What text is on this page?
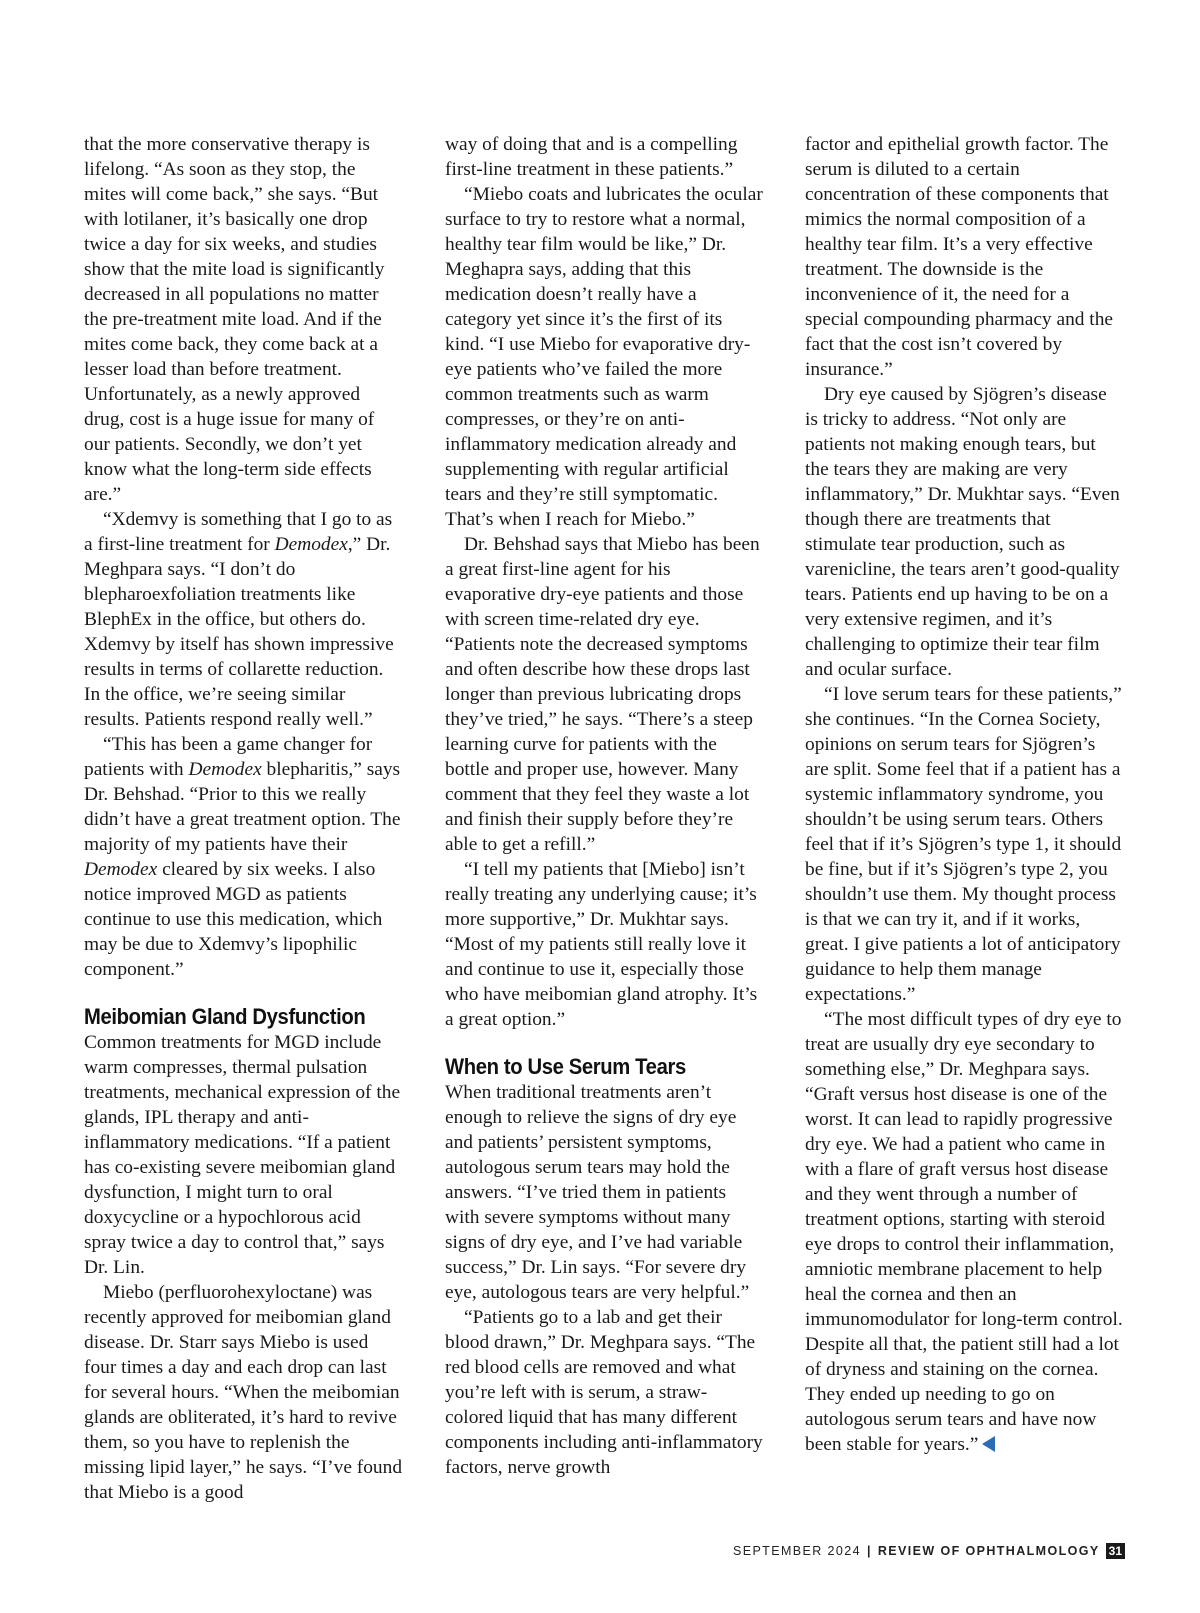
that the more conservative therapy is lifelong. “As soon as they stop, the mites will come back,” she says. “But with lotilaner, it’s basically one drop twice a day for six weeks, and studies show that the mite load is significantly decreased in all populations no matter the pre-treatment mite load. And if the mites come back, they come back at a lesser load than before treatment. Unfortunately, as a newly approved drug, cost is a huge issue for many of our patients. Secondly, we don’t yet know what the long-term side effects are.”

“Xdemvy is something that I go to as a first-line treatment for Demodex,” Dr. Meghpara says. “I don’t do blepharoexfoliation treatments like BlephEx in the office, but others do. Xdemvy by itself has shown impressive results in terms of collarette reduction. In the office, we’re seeing similar results. Patients respond really well.”

“This has been a game changer for patients with Demodex blepharitis,” says Dr. Behshad. “Prior to this we really didn’t have a great treatment option. The majority of my patients have their Demodex cleared by six weeks. I also notice improved MGD as patients continue to use this medication, which may be due to Xdemvy’s lipophilic component.”

Meibomian Gland Dysfunction

Common treatments for MGD include warm compresses, thermal pulsation treatments, mechanical expression of the glands, IPL therapy and anti-inflammatory medications. “If a patient has co-existing severe meibomian gland dysfunction, I might turn to oral doxycycline or a hypochlorous acid spray twice a day to control that,” says Dr. Lin.

Miebo (perfluorohexyloctane) was recently approved for meibomian gland disease. Dr. Starr says Miebo is used four times a day and each drop can last for several hours. “When the meibomian glands are obliterated, it’s hard to revive them, so you have to replenish the missing lipid layer,” he says. “I’ve found that Miebo is a good

way of doing that and is a compelling first-line treatment in these patients.”

“Miebo coats and lubricates the ocular surface to try to restore what a normal, healthy tear film would be like,” Dr. Meghapra says, adding that this medication doesn’t really have a category yet since it’s the first of its kind. “I use Miebo for evaporative dry-eye patients who’ve failed the more common treatments such as warm compresses, or they’re on anti-inflammatory medication already and supplementing with regular artificial tears and they’re still symptomatic. That’s when I reach for Miebo.”

Dr. Behshad says that Miebo has been a great first-line agent for his evaporative dry-eye patients and those with screen time-related dry eye. “Patients note the decreased symptoms and often describe how these drops last longer than previous lubricating drops they’ve tried,” he says. “There’s a steep learning curve for patients with the bottle and proper use, however. Many comment that they feel they waste a lot and finish their supply before they’re able to get a refill.”

“I tell my patients that [Miebo] isn’t really treating any underlying cause; it’s more supportive,” Dr. Mukhtar says. “Most of my patients still really love it and continue to use it, especially those who have meibomian gland atrophy. It’s a great option.”

When to Use Serum Tears

When traditional treatments aren’t enough to relieve the signs of dry eye and patients’ persistent symptoms, autologous serum tears may hold the answers. “I’ve tried them in patients with severe symptoms without many signs of dry eye, and I’ve had variable success,” Dr. Lin says. “For severe dry eye, autologous tears are very helpful.”

“Patients go to a lab and get their blood drawn,” Dr. Meghpara says. “The red blood cells are removed and what you’re left with is serum, a straw-colored liquid that has many different components including anti-inflammatory factors, nerve growth

factor and epithelial growth factor. The serum is diluted to a certain concentration of these components that mimics the normal composition of a healthy tear film. It’s a very effective treatment. The downside is the inconvenience of it, the need for a special compounding pharmacy and the fact that the cost isn’t covered by insurance.”

Dry eye caused by Sjögren’s disease is tricky to address. “Not only are patients not making enough tears, but the tears they are making are very inflammatory,” Dr. Mukhtar says. “Even though there are treatments that stimulate tear production, such as varenicline, the tears aren’t good-quality tears. Patients end up having to be on a very extensive regimen, and it’s challenging to optimize their tear film and ocular surface.

“I love serum tears for these patients,” she continues. “In the Cornea Society, opinions on serum tears for Sjögren’s are split. Some feel that if a patient has a systemic inflammatory syndrome, you shouldn’t be using serum tears. Others feel that if it’s Sjögren’s type 1, it should be fine, but if it’s Sjögren’s type 2, you shouldn’t use them. My thought process is that we can try it, and if it works, great. I give patients a lot of anticipatory guidance to help them manage expectations.”

“The most difficult types of dry eye to treat are usually dry eye secondary to something else,” Dr. Meghpara says. “Graft versus host disease is one of the worst. It can lead to rapidly progressive dry eye. We had a patient who came in with a flare of graft versus host disease and they went through a number of treatment options, starting with steroid eye drops to control their inflammation, amniotic membrane placement to help heal the cornea and then an immunomodulator for long-term control. Despite all that, the patient still had a lot of dryness and staining on the cornea. They ended up needing to go on autologous serum tears and have now been stable for years.”

SEPTEMBER 2024 | REVIEW OF OPHTHALMOLOGY 31
